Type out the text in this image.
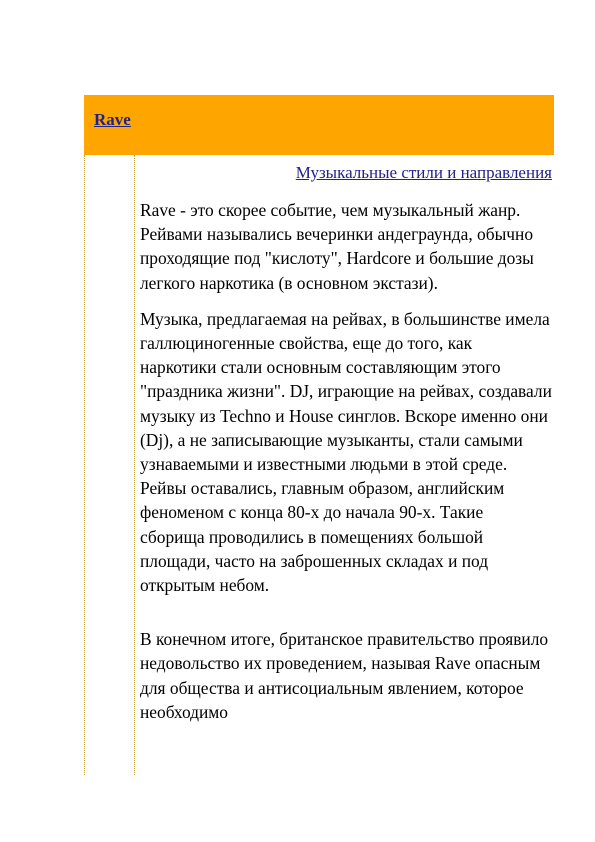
Rave
Музыкальные стили и направления

Rave - это скорее событие, чем музыкальный жанр. Рейвами назывались вечеринки андеграунда, обычно проходящие под "кислоту", Hardcore и большие дозы легкого наркотика (в основном экстази).

Музыка, предлагаемая на рейвах, в большинстве имела галлюциногенные свойства, еще до того, как наркотики стали основным составляющим этого "праздника жизни". DJ, играющие на рейвах, создавали музыку из Techno и House синглов. Вскоре именно они (Dj), а не записывающие музыканты, стали самыми узнаваемыми и известными людьми в этой среде. Рейвы оставались, главным образом, английским феноменом с конца 80-х до начала 90-х. Такие сборища проводились в помещениях большой площади, часто на заброшенных складах и под открытым небом.

В конечном итоге, британское правительство проявило недовольство их проведением, называя Rave опасным для общества и антисоциальным явлением, которое необходимо
